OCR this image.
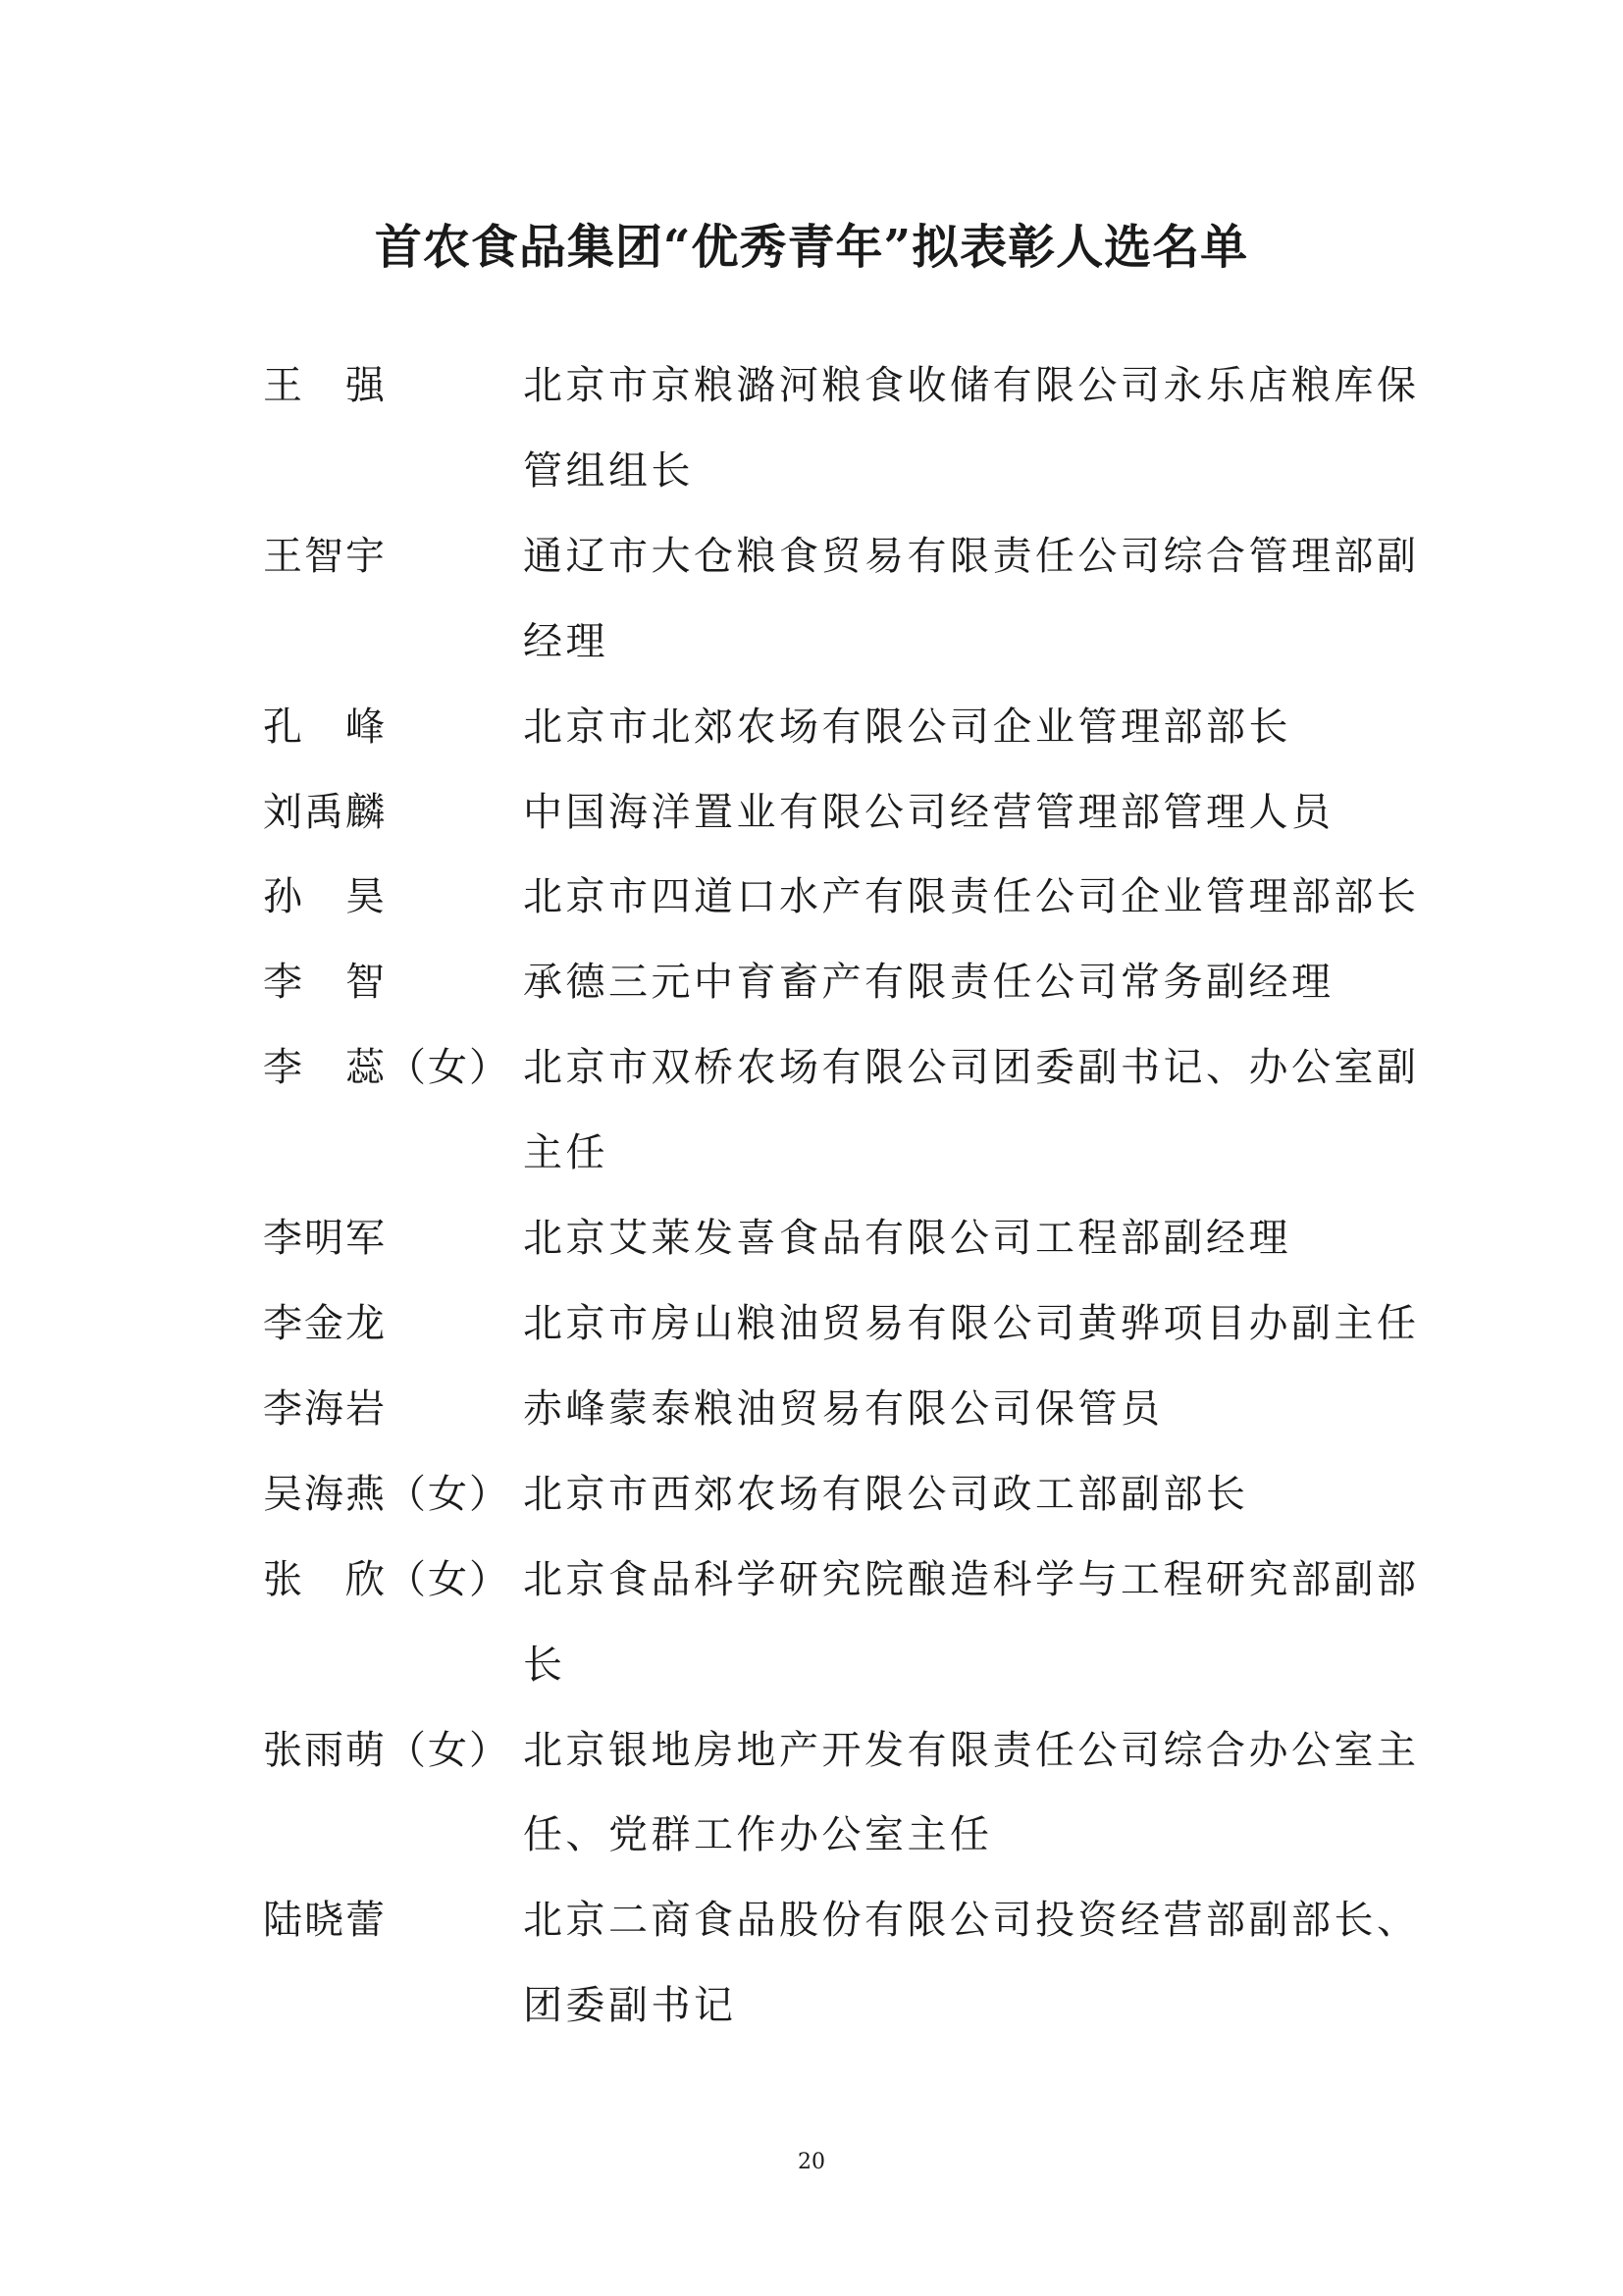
首农食品集团“优秀青年”拟表彰人选名单
王　强	北京市京粮潞河粮食收储有限公司永乐店粮库保管组组长
王智宇	通辽市大仓粮食贸易有限责任公司综合管理部副经理
孔　峰	北京市北郊农场有限公司企业管理部部长
刘禹麟	中国海洋置业有限公司经营管理部管理人员
孙　昊	北京市四道口水产有限责任公司企业管理部部长
李　智	承德三元中育畜产有限责任公司常务副经理
李　蕊（女） 北京市双桥农场有限公司团委副书记、办公室副主任
李明军	北京艾莱发喜食品有限公司工程部副经理
李金龙	北京市房山粮油贸易有限公司黄骅项目办副主任
李海岩	赤峰蒙泰粮油贸易有限公司保管员
吴海燕（女） 北京市西郊农场有限公司政工部副部长
张　欣（女） 北京食品科学研究院酿造科学与工程研究部副部长
张雨萌（女） 北京银地房地产开发有限责任公司综合办公室主任、党群工作办公室主任
陆晓蕾	北京二商食品股份有限公司投资经营部副部长、团委副书记
20
